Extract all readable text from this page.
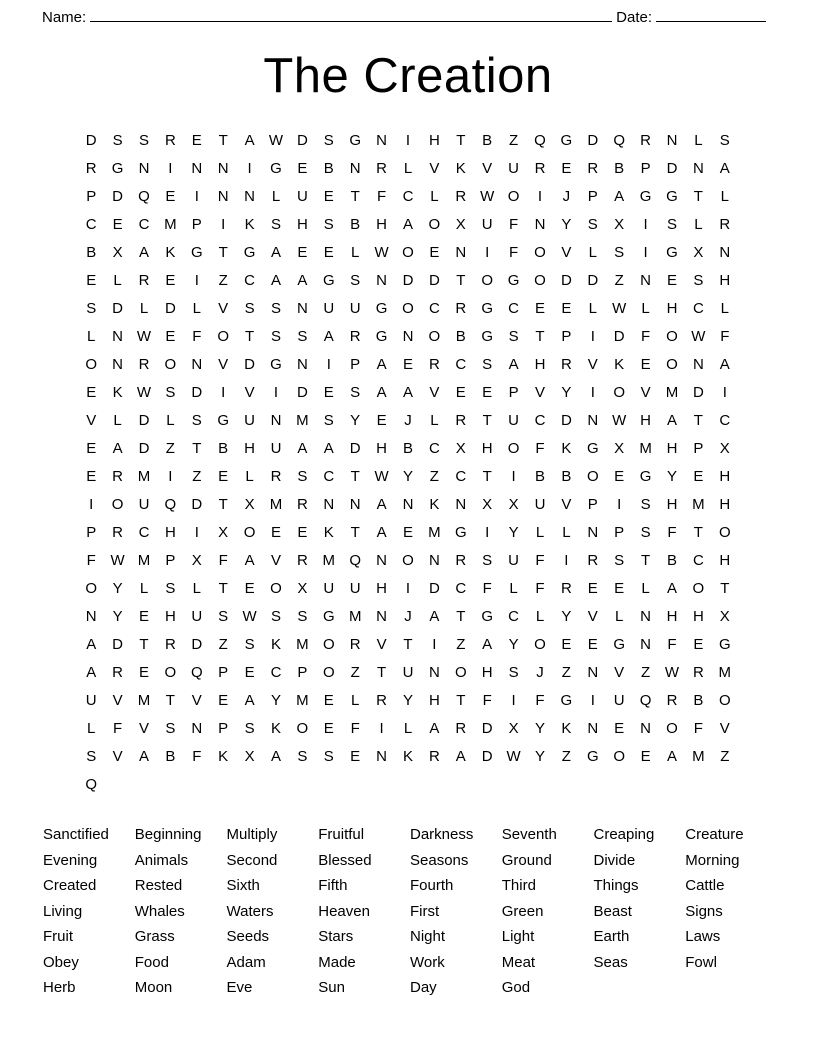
Name:	Date:
The Creation
D	S	S	R	E	T	A W D	S	G	N	I	H	T	B	Z	Q G	D	Q	R	N	L	S
R	G	N	I	N	N	I	G	E	B	N	R	L	V	K	V	U	R	E	R	B	P	D	N	A
P	D	Q	E	I	N	N	L	U	E	T	F	C	L	R W O	I	J	P	A	G G	T	L
C	E	C M	P	I	K	S	H	S	B	H	A	O	X	U	F	N	Y	S	X	I	S	L	R
B	X	A	K	G	T	G	A	E	E	L	W O	E	N	I	F	O	V	L	S	I	G	X	N
E	L	R	E	I	Z	C	A	A	G	S	N	D	D	T	O G O	D	D	Z	N	E	S	H
S	D	L	D	L	V	S	S	N	U	U	G O	C	R	G	C	E	E	L	W	L	H	C	L
L	N W E	F	O	T	S	S	A	R	G	N	O	B	G	S	T	P	I	D	F	O W F
O	N	R	O	N	V	D	G	N	I	P	A	E	R	C	S	A	H	R	V	K	E	O	N	A
E	K W S	D	I	V	I	D	E	S	A	A	V	E	E	P	V	Y	I	O	V	M D	I
V	L	D	L	S	G	U	N M	S	Y	E	J	L	R	T	U	C	D	N W H	A	T	C
E	A	D	Z	T	B	H	U	A	A	D	H	B	C	X	H	O	F	K	G	X	M H	P	X
E	R M	I	Z	E	L	R	S	C	T W Y	Z	C	T	I	B	B	O	E	G	Y	E	H
I	O	U	Q	D	T	X	M R	N	N	A	N	K	N	X	X	U	V	P	I	S	H M H
P	R	C	H	I	X	O	E	E	K	T	A	E	M G	I	Y	L	L	N	P	S	F	T	O
F W M	P	X	F	A	V	R M Q	N	O	N	R	S	U	F	I	R	S	T	B	C	H
O	Y	L	S	L	T	E	O	X	U	U	H	I	D	C	F	L	F	R	E	E	L	A	O	T
N	Y	E	H	U	S W S	S	G M N	J	A	T	G	C	L	Y	V	L	N	H	H	X
A	D	T	R	D	Z	S	K	M O	R	V	T	I	Z	A	Y	O	E	E	G	N	F	E	G
A	R	E	O Q	P	E	C	P	O	Z	T	U	N	O	H	S	J	Z	N	V	Z W R M
U	V	M	T	V	E	A	Y	M	E	L	R	Y	H	T	F	I	F	G	I	U	Q	R	B	O
L	F	V	S	N	P	S	K	O	E	F	I	L	A	R	D	X	Y	K	N	E	N	O	F	V
S	V	A	B	F	K	X	A	S	S	E	N	K	R	A	D W Y	Z	G O	E	A	M	Z
Q
Sanctified	Beginning	Multiply	Fruitful	Darkness	Seventh	Creaping	Creature
Evening	Animals	Second	Blessed	Seasons	Ground	Divide	Morning
Created	Rested	Sixth	Fifth	Fourth	Third	Things	Cattle
Living	Whales	Waters	Heaven	First	Green	Beast	Signs
Fruit	Grass	Seeds	Stars	Night	Light	Earth	Laws
Obey	Food	Adam	Made	Work	Meat	Seas	Fowl
Herb	Moon	Eve	Sun	Day	God
